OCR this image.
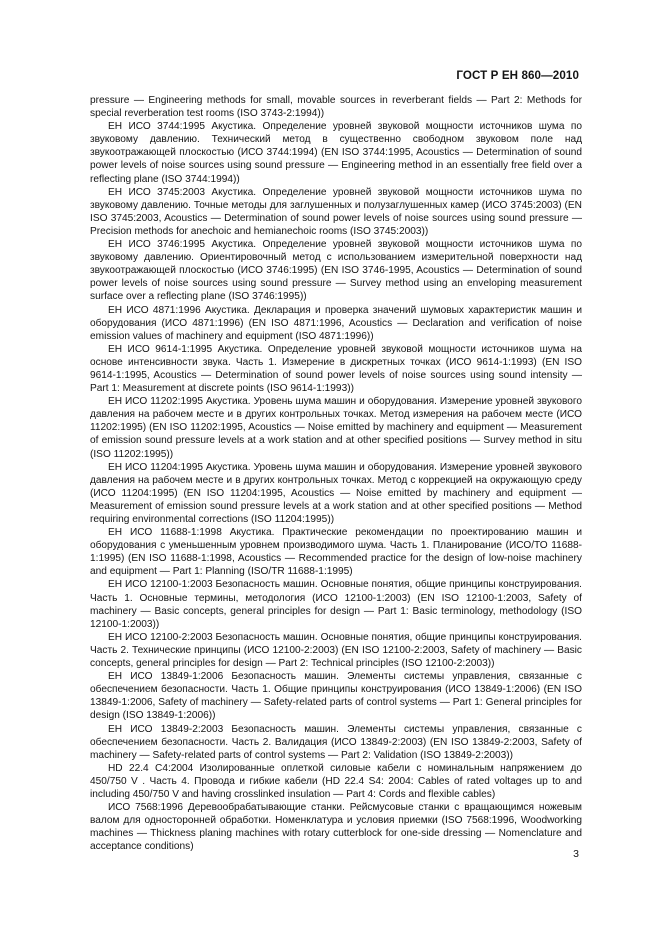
ГОСТ Р ЕН 860—2010

pressure — Engineering methods for small, movable sources in reverberant fields — Part 2: Methods for special reverberation test rooms (ISO 3743-2:1994))

ЕН ИСО 3744:1995 Акустика. Определение уровней звуковой мощности источников шума по звуковому давлению. Технический метод в существенно свободном звуковом поле над звукоотражающей плоскостью (ИСО 3744:1994) (EN ISO 3744:1995, Acoustics — Determination of sound power levels of noise sources using sound pressure — Engineering method in an essentially free field over a reflecting plane (ISO 3744:1994))

ЕН ИСО 3745:2003 Акустика. Определение уровней звуковой мощности источников шума по звуковому давлению. Точные методы для заглушенных и полузаглушенных камер (ИСО 3745:2003) (EN ISO 3745:2003, Acoustics — Determination of sound power levels of noise sources using sound pressure — Precision methods for anechoic and hemianechoic rooms (ISO 3745:2003))

ЕН ИСО 3746:1995 Акустика. Определение уровней звуковой мощности источников шума по звуковому давлению. Ориентировочный метод с использованием измерительной поверхности над звукоотражающей плоскостью (ИСО 3746:1995) (EN ISO 3746-1995, Acoustics — Determination of sound power levels of noise sources using sound pressure — Survey method using an enveloping measurement surface over a reflecting plane (ISO 3746:1995))

ЕН ИСО 4871:1996 Акустика. Декларация и проверка значений шумовых характеристик машин и оборудования (ИСО 4871:1996) (EN ISO 4871:1996, Acoustics — Declaration and verification of noise emission values of machinery and equipment (ISO 4871:1996))

ЕН ИСО 9614-1:1995 Акустика. Определение уровней звуковой мощности источников шума на основе интенсивности звука. Часть 1. Измерение в дискретных точках (ИСО 9614-1:1993) (EN ISO 9614-1:1995, Acoustics — Determination of sound power levels of noise sources using sound intensity — Part 1: Measurement at discrete points (ISO 9614-1:1993))

ЕН ИСО 11202:1995 Акустика. Уровень шума машин и оборудования. Измерение уровней звукового давления на рабочем месте и в других контрольных точках. Метод измерения на рабочем месте (ИСО 11202:1995) (EN ISO 11202:1995, Acoustics — Noise emitted by machinery and equipment — Measurement of emission sound pressure levels at a work station and at other specified positions — Survey method in situ (ISO 11202:1995))

ЕН ИСО 11204:1995 Акустика. Уровень шума машин и оборудования. Измерение уровней звукового давления на рабочем месте и в других контрольных точках. Метод с коррекцией на окружающую среду (ИСО 11204:1995) (EN ISO 11204:1995, Acoustics — Noise emitted by machinery and equipment — Measurement of emission sound pressure levels at a work station and at other specified positions — Method requiring environmental corrections (ISO 11204:1995))

ЕН ИСО 11688-1:1998 Акустика. Практические рекомендации по проектированию машин и оборудования с уменьшенным уровнем производимого шума. Часть 1. Планирование (ИСО/ТО 11688-1:1995) (EN ISO 11688-1:1998, Acoustics — Recommended practice for the design of low-noise machinery and equipment — Part 1: Planning (ISO/TR 11688-1:1995)

ЕН ИСО 12100-1:2003 Безопасность машин. Основные понятия, общие принципы конструирования. Часть 1. Основные термины, методология (ИСО 12100-1:2003) (EN ISO 12100-1:2003, Safety of machinery — Basic concepts, general principles for design — Part 1: Basic terminology, methodology (ISO 12100-1:2003))

ЕН ИСО 12100-2:2003 Безопасность машин. Основные понятия, общие принципы конструирования. Часть 2. Технические принципы (ИСО 12100-2:2003) (EN ISO 12100-2:2003, Safety of machinery — Basic concepts, general principles for design — Part 2: Technical principles (ISO 12100-2:2003))

ЕН ИСО 13849-1:2006 Безопасность машин. Элементы системы управления, связанные с обеспечением безопасности. Часть 1. Общие принципы конструирования (ИСО 13849-1:2006) (EN ISO 13849-1:2006, Safety of machinery — Safety-related parts of control systems — Part 1: General principles for design (ISO 13849-1:2006))

ЕН ИСО 13849-2:2003 Безопасность машин. Элементы системы управления, связанные с обеспечением безопасности. Часть 2. Валидация (ИСО 13849-2:2003) (EN ISO 13849-2:2003, Safety of machinery — Safety-related parts of control systems — Part 2: Validation (ISO 13849-2:2003))

HD 22.4 C4:2004 Изолированные оплеткой силовые кабели с номинальным напряжением до 450/750 V . Часть 4. Провода и гибкие кабели (HD 22.4 S4: 2004: Cables of rated voltages up to and including 450/750 V and having crosslinked insulation — Part 4: Cords and flexible cables)

ИСО 7568:1996 Деревообрабатывающие станки. Рейсмусовые станки с вращающимся ножевым валом для односторонней обработки. Номенклатура и условия приемки (ISO 7568:1996, Woodworking machines — Thickness planing machines with rotary cutterblock for one-side dressing — Nomenclature and acceptance conditions)

3
